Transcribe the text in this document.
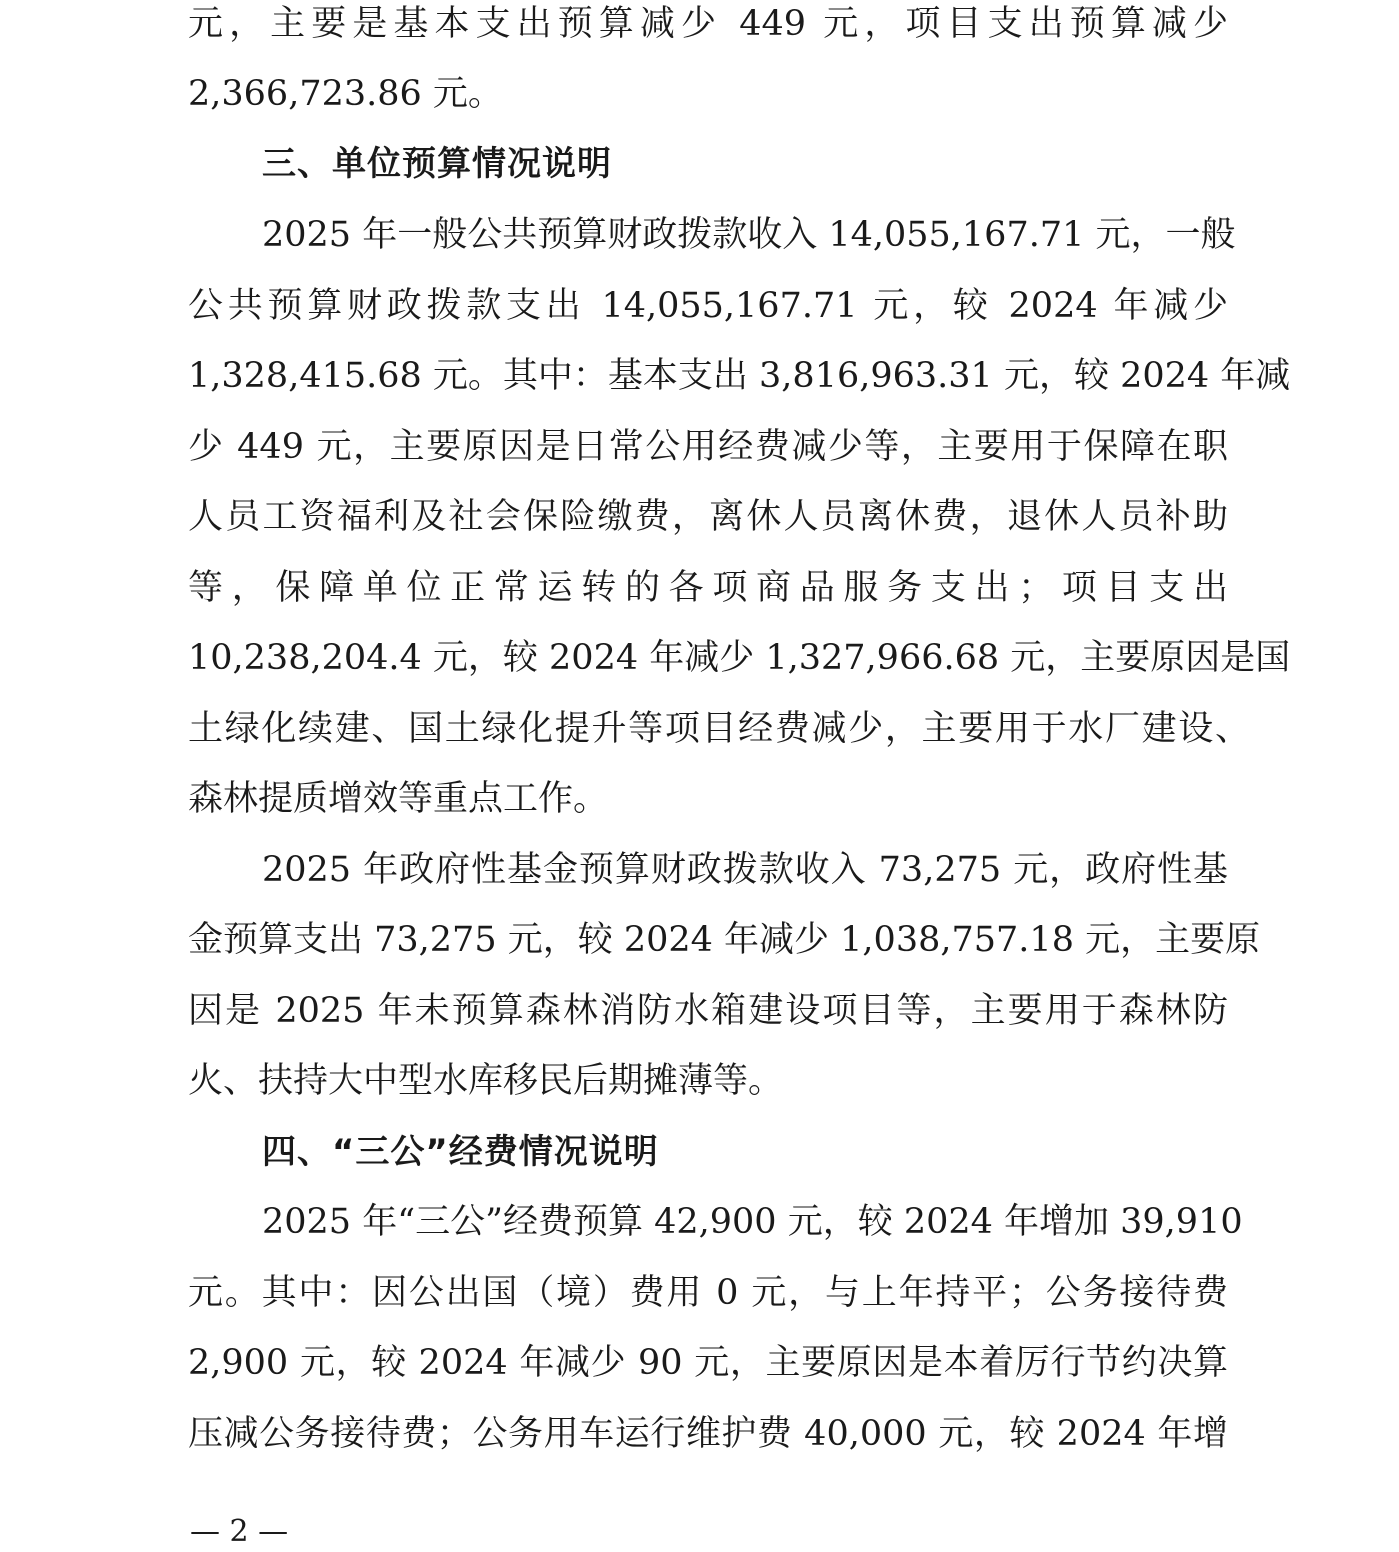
元，主要是基本支出预算减少 449 元，项目支出预算减少
2,366,723.86 元。
三、单位预算情况说明
2025 年一般公共预算财政拨款收入 14,055,167.71 元，一般
公共预算财政拨款支出 14,055,167.71 元，较 2024 年减少
1,328,415.68 元。其中：基本支出 3,816,963.31 元，较 2024 年减
少 449 元，主要原因是日常公用经费减少等，主要用于保障在职
人员工资福利及社会保险缴费，离休人员离休费，退休人员补助
等，保障单位正常运转的各项商品服务支出；项目支出
10,238,204.4 元，较 2024 年减少 1,327,966.68 元，主要原因是国
土绿化续建、国土绿化提升等项目经费减少，主要用于水厂建设、
森林提质增效等重点工作。
2025 年政府性基金预算财政拨款收入 73,275 元，政府性基
金预算支出 73,275 元，较 2024 年减少 1,038,757.18 元，主要原
因是 2025 年未预算森林消防水箱建设项目等，主要用于森林防
火、扶持大中型水库移民后期摊薄等。
四、“三公”经费情况说明
2025 年“三公”经费预算 42,900 元，较 2024 年增加 39,910
元。其中：因公出国（境）费用 0 元，与上年持平；公务接待费
2,900 元，较 2024 年减少 90 元，主要原因是本着厉行节约决算
压减公务接待费；公务用车运行维护费 40,000 元，较 2024 年增
— 2 —
